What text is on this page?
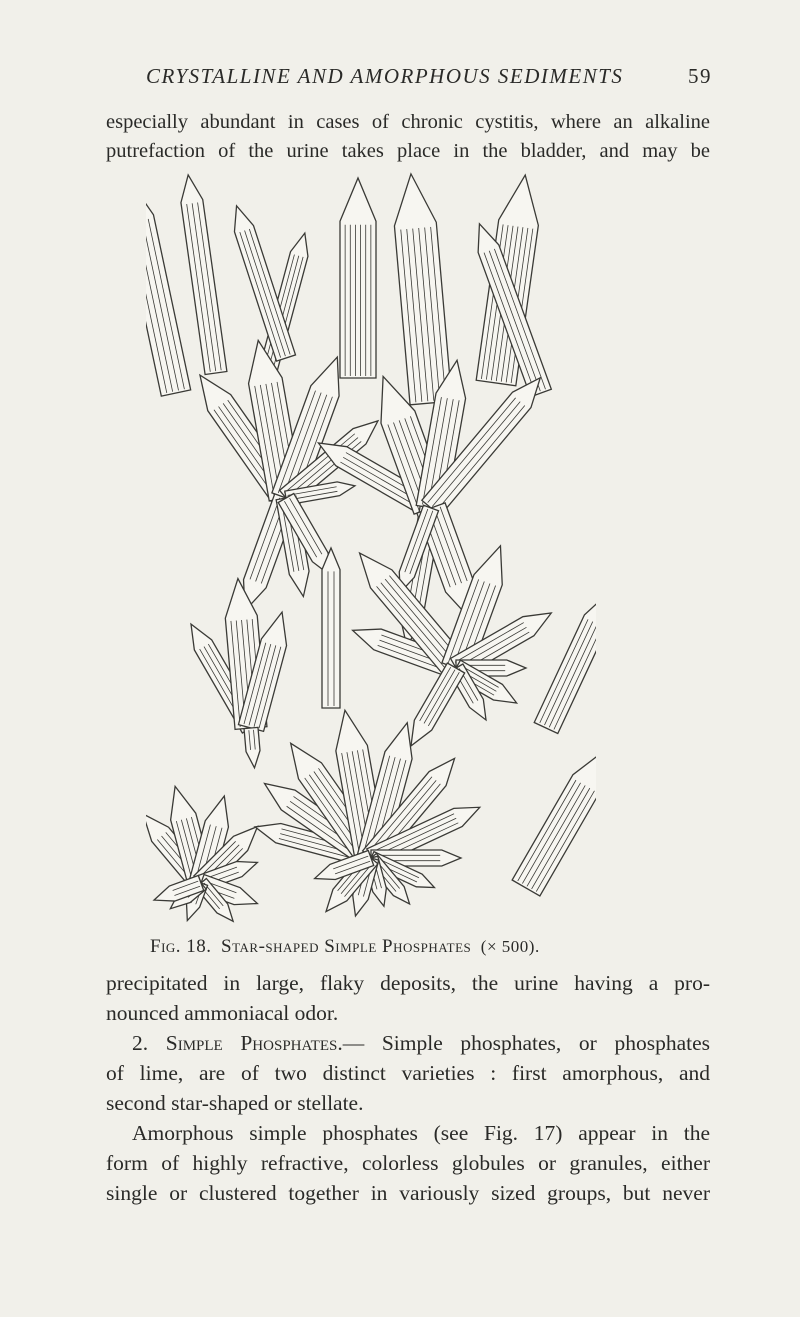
CRYSTALLINE AND AMORPHOUS SEDIMENTS	59

especially abundant in cases of chronic cystitis, where an alkaline
putrefaction of the urine takes place in the bladder, and may be

Fig. 18. Star-shaped Simple Phosphates (× 500).
precipitated in large, flaky deposits, the urine having a pro-
nounced ammoniacal odor.
2. Simple Phosphates.— Simple phosphates, or phosphates
of lime, are of two distinct varieties : first amorphous, and
second star-shaped or stellate.
Amorphous simple phosphates (see Fig. 17) appear in the
form of highly refractive, colorless globules or granules, either
single or clustered together in variously sized groups, but never
